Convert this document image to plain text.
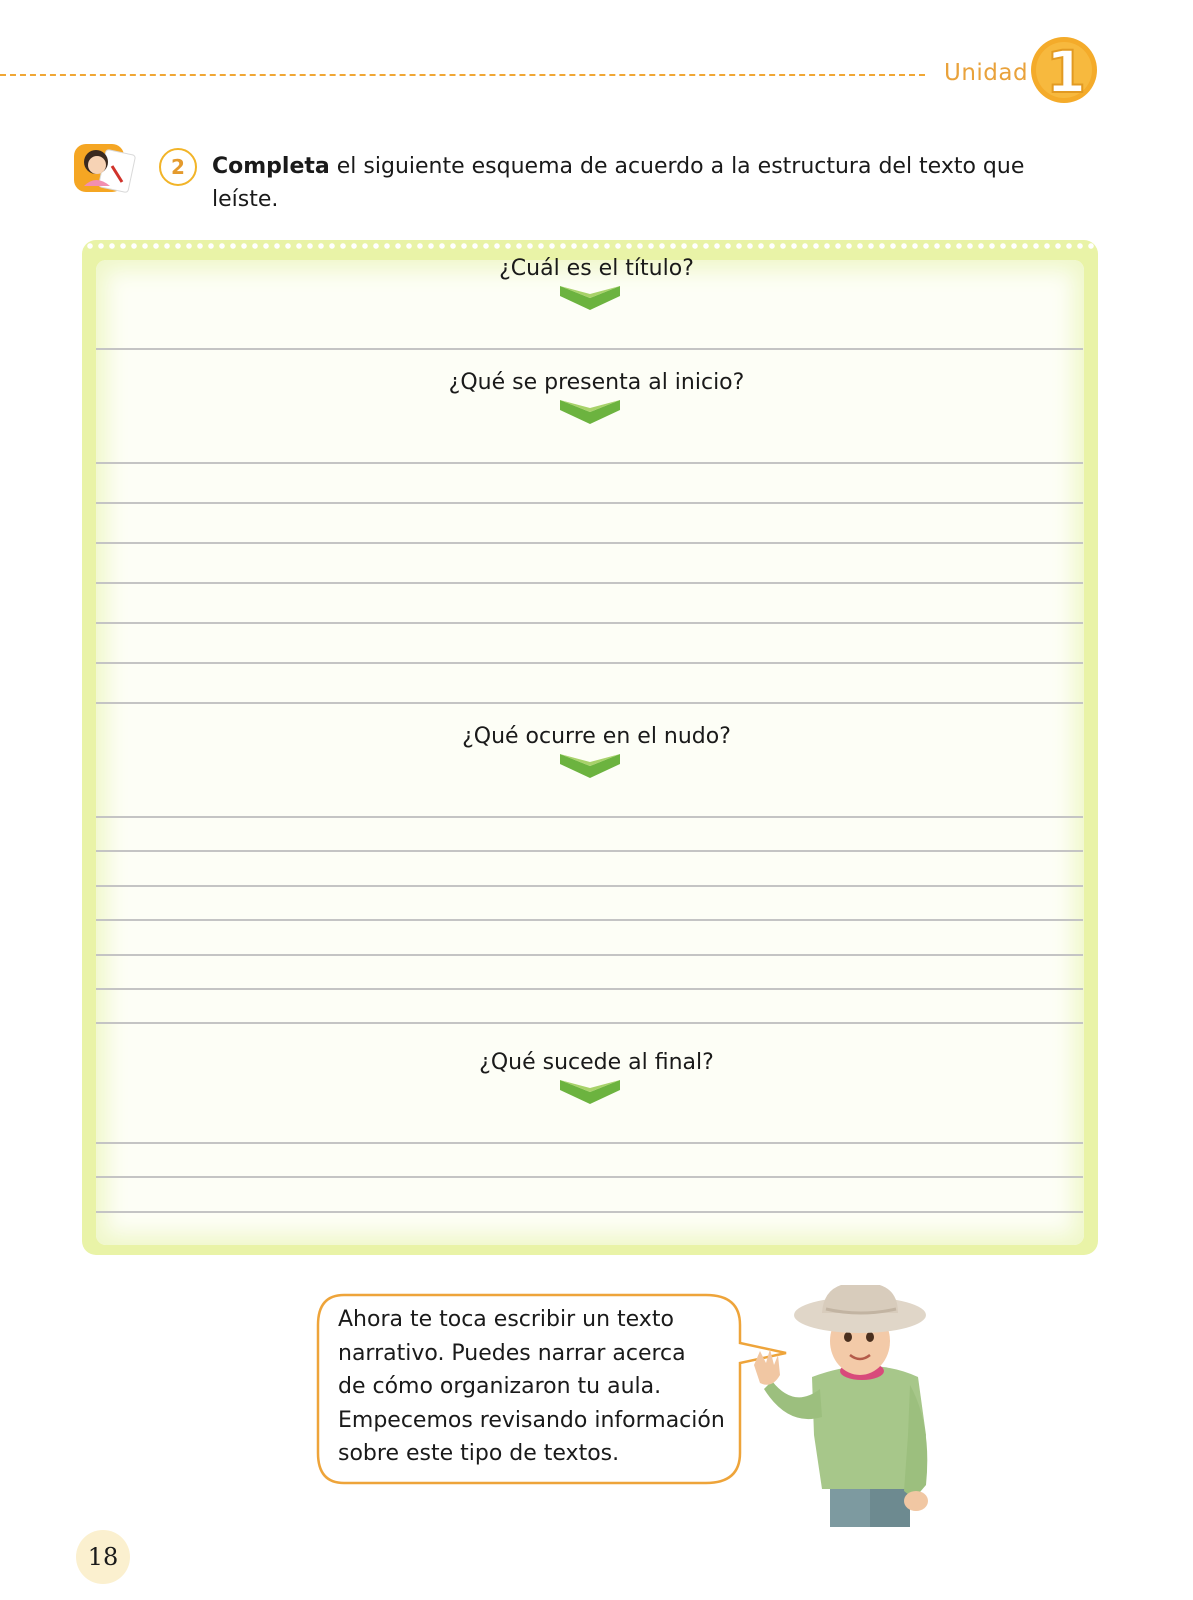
Unidad 1
2	Completa el siguiente esquema de acuerdo a la estructura del texto que leíste.
¿Cuál es el título?
¿Qué se presenta al inicio?
¿Qué ocurre en el nudo?
¿Qué sucede al final?
Ahora te toca escribir un texto
narrativo. Puedes narrar acerca
de cómo organizaron tu aula.
Empecemos revisando información
sobre este tipo de textos.
18
